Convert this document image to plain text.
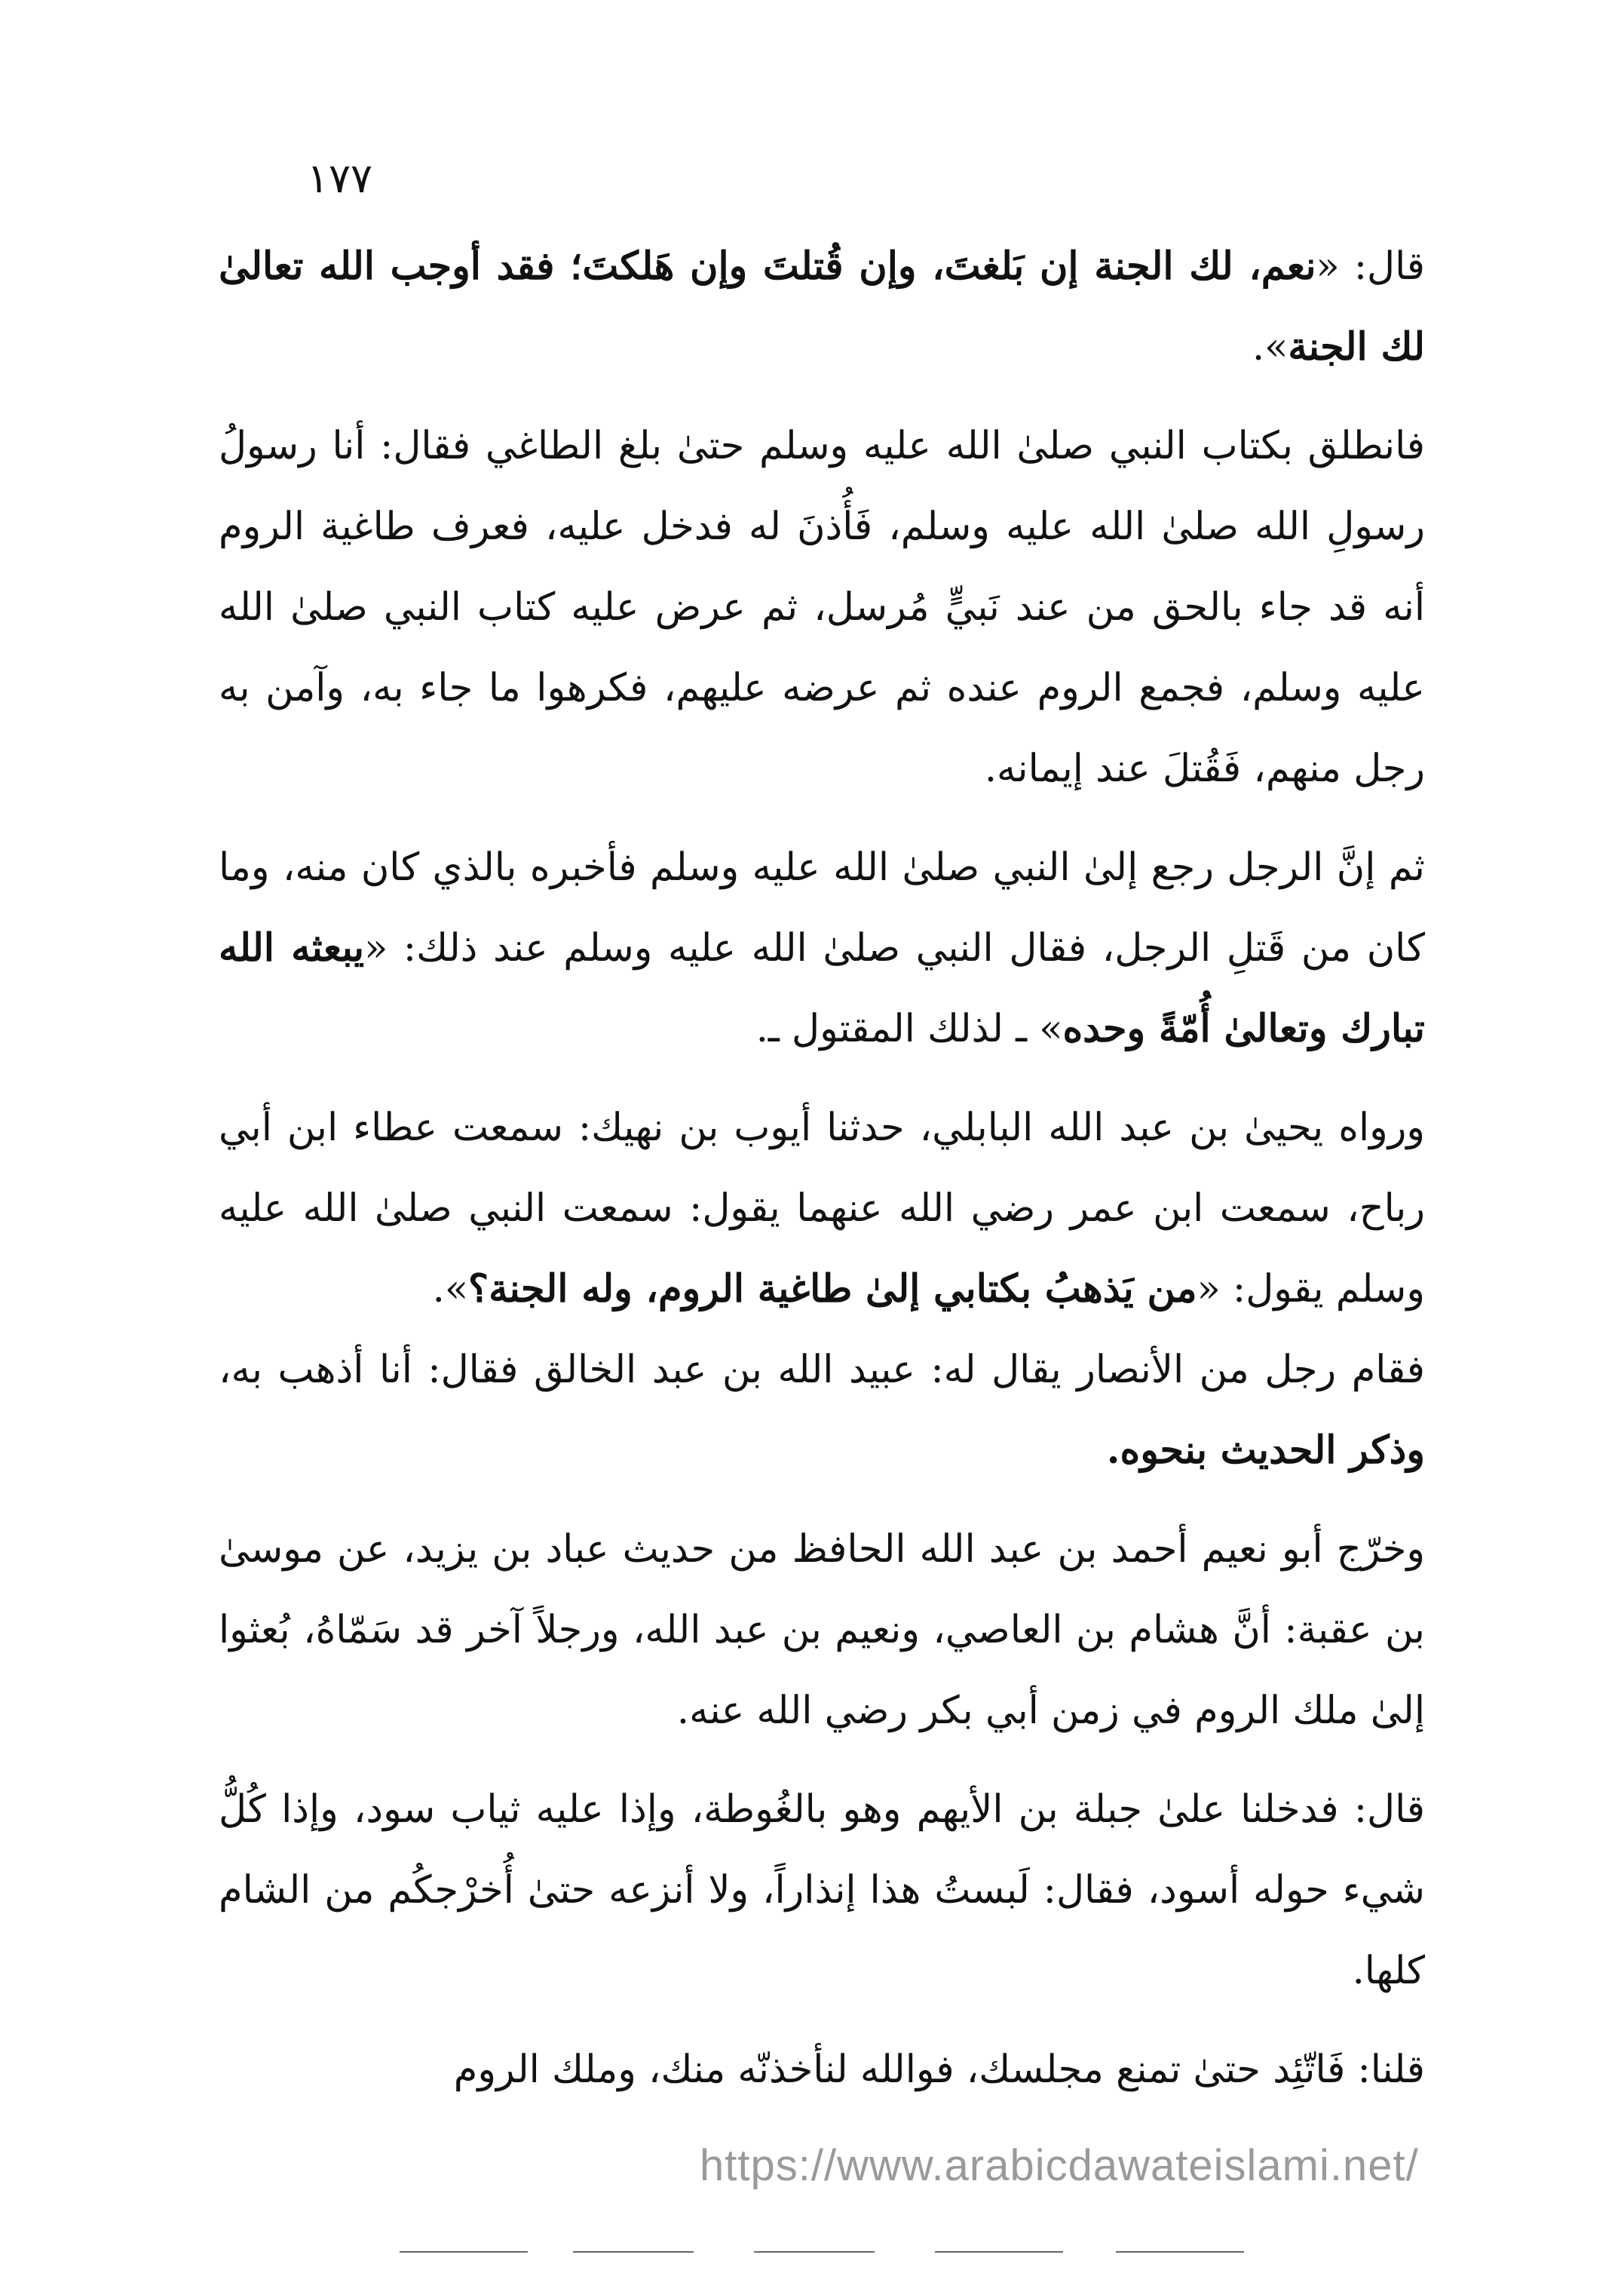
١٧٧

قال: «نعم، لك الجنة إن بَلغتَ، وإن قُتلتَ وإن هَلكتَ؛ فقد أوجب الله تعالىٰ لك الجنة».

فانطلق بكتاب النبي صلىٰ الله عليه وسلم حتىٰ بلغ الطاغي فقال: أنا رسولُ رسولِ الله صلىٰ الله عليه وسلم، فَأُذنَ له فدخل عليه، فعرف طاغية الروم أنه قد جاء بالحق من عند نَبيٍّ مُرسل، ثم عرض عليه كتاب النبي صلىٰ الله عليه وسلم، فجمع الروم عنده ثم عرضه عليهم، فكرهوا ما جاء به، وآمن به رجل منهم، فَقُتلَ عند إيمانه.

ثم إنَّ الرجل رجع إلىٰ النبي صلىٰ الله عليه وسلم فأخبره بالذي كان منه، وما كان من قَتلِ الرجل، فقال النبي صلىٰ الله عليه وسلم عند ذلك: «يبعثه الله تبارك وتعالىٰ أُمّةً وحده» ـ لذلك المقتول ـ.

ورواه يحيىٰ بن عبد الله البابلي، حدثنا أيوب بن نهيك: سمعت عطاء ابن أبي رباح، سمعت ابن عمر رضي الله عنهما يقول: سمعت النبي صلىٰ الله عليه وسلم يقول: «من يَذهبُ بكتابي إلىٰ طاغية الروم، وله الجنة؟».

فقام رجل من الأنصار يقال له: عبيد الله بن عبد الخالق فقال: أنا أذهب به، وذكر الحديث بنحوه.

وخرّج أبو نعيم أحمد بن عبد الله الحافظ من حديث عباد بن يزيد، عن موسىٰ بن عقبة: أنَّ هشام بن العاصي، ونعيم بن عبد الله، ورجلاً آخر قد سَمّاهُ، بُعثوا إلىٰ ملك الروم في زمن أبي بكر رضي الله عنه.

قال: فدخلنا علىٰ جبلة بن الأيهم وهو بالغُوطة، وإذا عليه ثياب سود، وإذا كُلُّ شيء حوله أسود، فقال: لَبستُ هذا إنذاراً، ولا أنزعه حتىٰ أُخرْجكُم من الشام كلها.

قلنا: فَاتّئِد حتىٰ تمنع مجلسك، فوالله لنأخذنّه منك، وملك الروم

https://www.arabicdawateislami.net/
